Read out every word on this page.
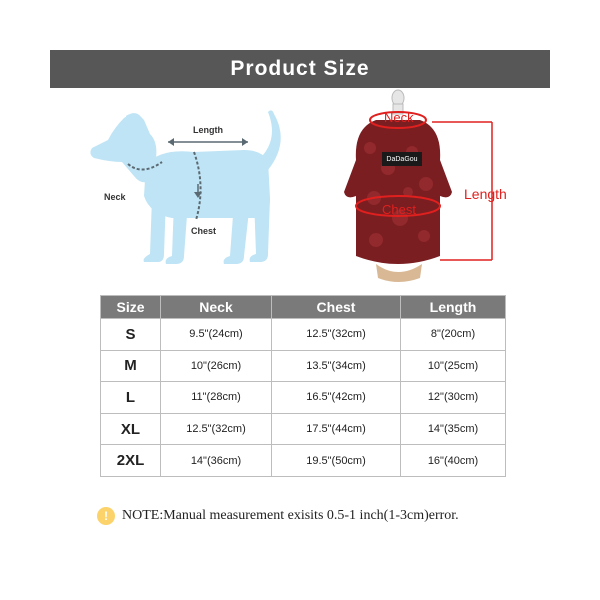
Product Size
Length
Neck
Chest
Neck
Chest
Length
DaDaGou
Size	Neck	Chest	Length
S	9.5"(24cm)	12.5"(32cm)	8"(20cm)
M	10"(26cm)	13.5"(34cm)	10"(25cm)
L	11"(28cm)	16.5"(42cm)	12"(30cm)
XL	12.5"(32cm)	17.5"(44cm)	14"(35cm)
2XL	14"(36cm)	19.5"(50cm)	16"(40cm)
!	NOTE:Manual measurement exisits 0.5-1 inch(1-3cm)error.
